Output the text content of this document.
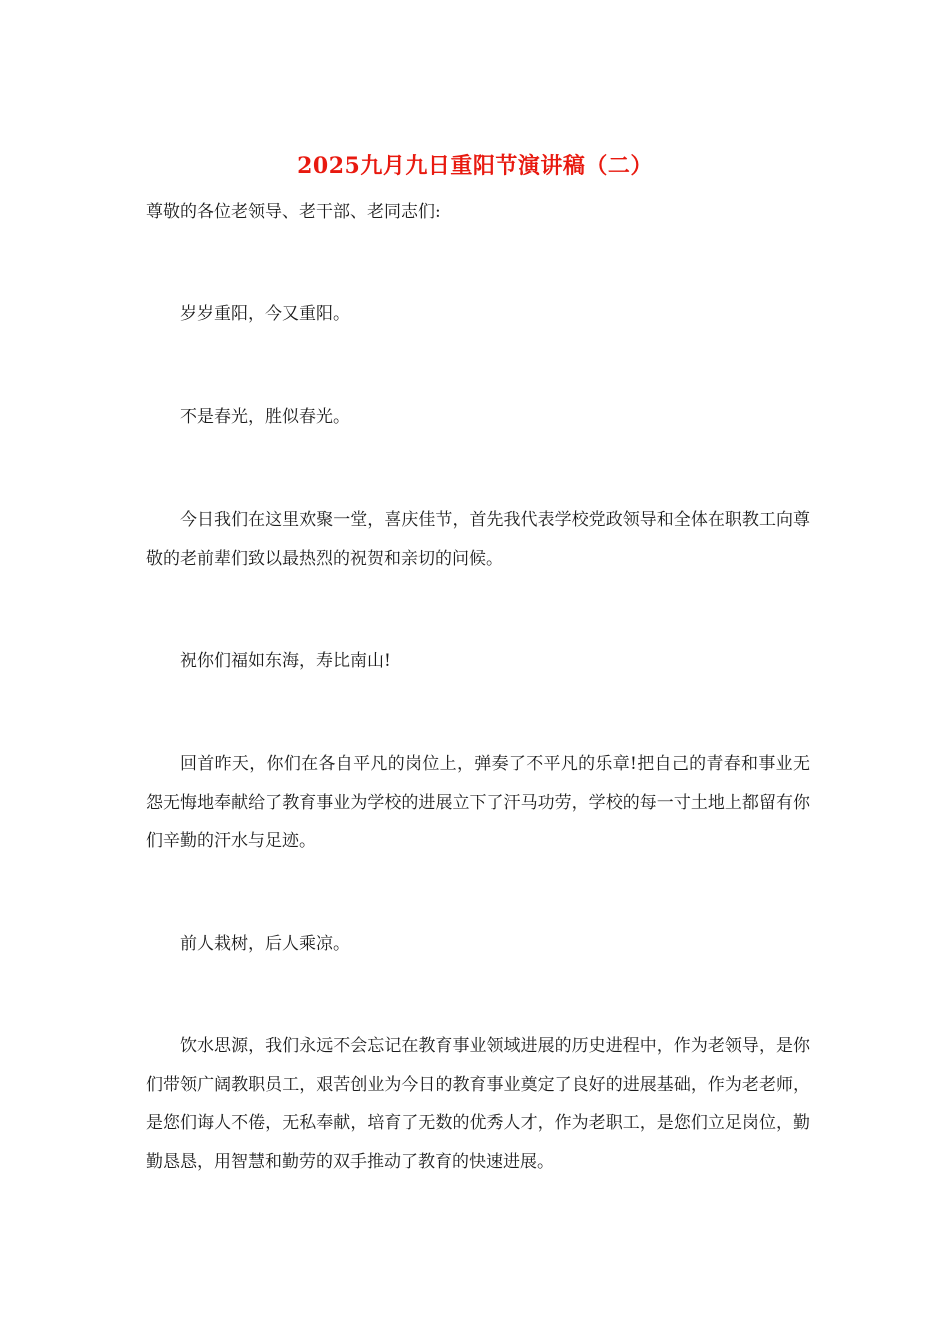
2025九月九日重阳节演讲稿（二）

尊敬的各位老领导、老干部、老同志们:

岁岁重阳，今又重阳。

不是春光，胜似春光。

今日我们在这里欢聚一堂，喜庆佳节，首先我代表学校党政领导和全体在职教工向尊敬的老前辈们致以最热烈的祝贺和亲切的问候。

祝你们福如东海，寿比南山!

回首昨天，你们在各自平凡的岗位上，弹奏了不平凡的乐章!把自己的青春和事业无怨无悔地奉献给了教育事业为学校的进展立下了汗马功劳，学校的每一寸土地上都留有你们辛勤的汗水与足迹。

前人栽树，后人乘凉。

饮水思源，我们永远不会忘记在教育事业领域进展的历史进程中，作为老领导，是你们带领广阔教职员工，艰苦创业为今日的教育事业奠定了良好的进展基础，作为老老师，是您们诲人不倦，无私奉献，培育了无数的优秀人才，作为老职工，是您们立足岗位，勤勤恳恳，用智慧和勤劳的双手推动了教育的快速进展。
